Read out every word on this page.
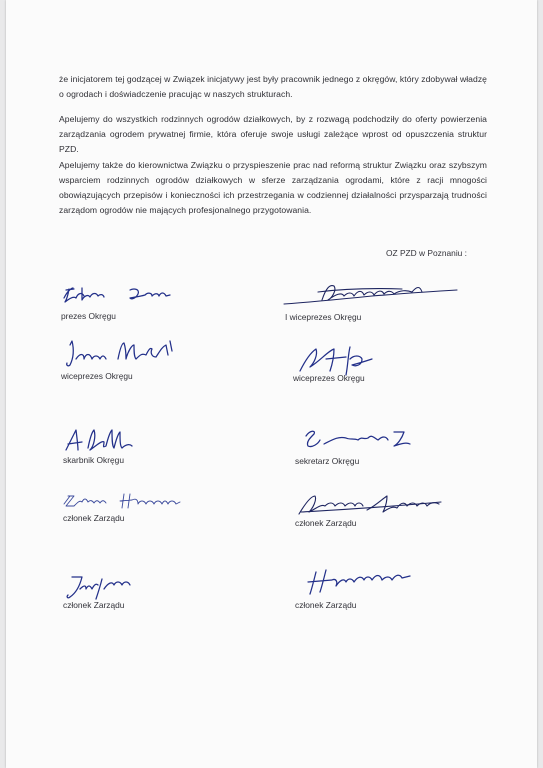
że inicjatorem tej godzącej w Związek inicjatywy jest były pracownik jednego z okręgów, który zdobywał władzę o ogrodach i doświadczenie pracując w naszych strukturach.

Apelujemy do wszystkich rodzinnych ogrodów działkowych, by z rozwagą podchodziły do oferty powierzenia zarządzania ogrodem prywatnej firmie, która oferuje swoje usługi zależące wprost od opuszczenia struktur PZD.

Apelujemy także do kierownictwa Związku o przyspieszenie prac nad reformą struktur Związku oraz szybszym wsparciem rodzinnych ogrodów działkowych w sferze zarządzania ogrodami, które z racji mnogości obowiązujących przepisów i konieczności ich przestrzegania w codziennej działalności przysparzają trudności zarządom ogrodów nie mających profesjonalnego przygotowania.

OZ PZD w Poznaniu :
prezes Okręgu	I wiceprezes Okręgu
wiceprezes Okręgu	wiceprezes Okręgu
skarbnik Okręgu	sekretarz Okręgu
członek Zarządu	członek Zarządu
członek Zarządu	członek Zarządu
